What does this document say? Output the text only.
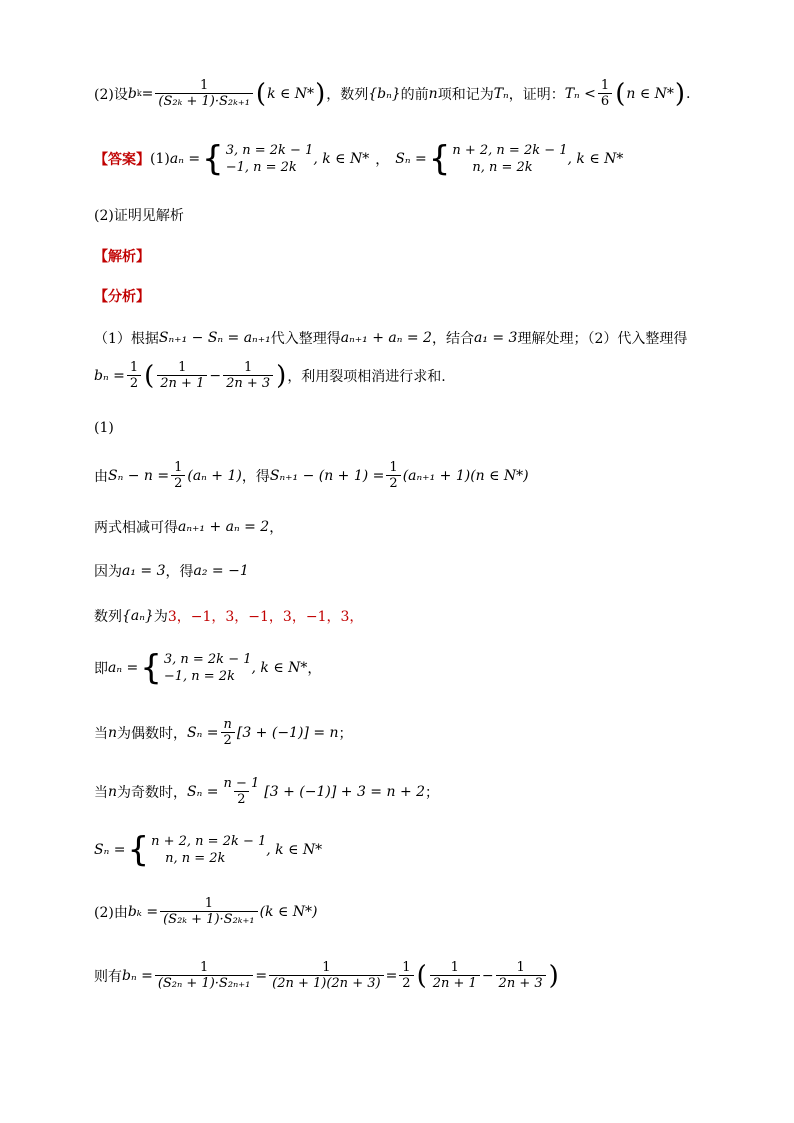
(2)设 b $k = \frac{1}{\text{(S₂ₖ + 1)·S₂ₖ₊₁}}$ ( k ∈ N* ) ，数列 {bₙ} 的前 n 项和记为 Tₙ ，证明： $T_n < \frac{1}{6}$ ( n ∈ N* ) .
【答案】 (1) aₙ = { 3, n = 2k − 1
−1, n = 2k
, k ∈ N* ， Sₙ = { n + 2, n = 2k − 1
n, n = 2k
, k ∈ N*
(2)证明见解析
【解析】
【分析】
（1）根据 Sₙ₊₁ − Sₙ = aₙ₊₁ 代入整理得 aₙ₊₁ + aₙ = 2 ，结合 a₁ = 3 理解处理；（2）代入整理得
$b_n = \frac{1}{2}$ ( $\frac{1}{2n + 1} - \frac{1}{2n + 3}$ ) ，利用裂项相消进行求和.
(1)
由 $S_n - n = \frac{1}{2} (a_n + 1)$ ，得 $S_{n+1} - (n + 1) = \frac{1}{2} (a_{n+1} + 1)$ (n ∈ N*)
两式相减可得 aₙ₊₁ + aₙ = 2 ，
因为 a₁ = 3 ，得 a₂ = −1
数列 {aₙ} 为 3，−1，3，−1，3，−1，3，
即 aₙ = { 3, n = 2k − 1
−1, n = 2k
, k ∈ N* ，
当 n 为偶数时， $S_n = \frac{n}{2} [3 + (-1)] = n$ ；
当 n 为奇数时， $S_n = \frac{n - 1}{2} [3 + (-1)] + 3 = n + 2$ ；
Sₙ = { n + 2, n = 2k − 1
n, n = 2k
, k ∈ N*
(2)由 $b_k = \frac{1}{\text{(S₂ₖ + 1)·S₂ₖ₊₁}} (k$ ∈ N*)
则有 $b_n = \frac{1}{\text{(S₂ₙ + 1)·S₂ₙ₊₁}} = \frac{1}{(2n + 1)(2n + 3)} = \frac{1}{2}$ ( $\frac{1}{2n + 1} - \frac{1}{2n + 3}$ )
